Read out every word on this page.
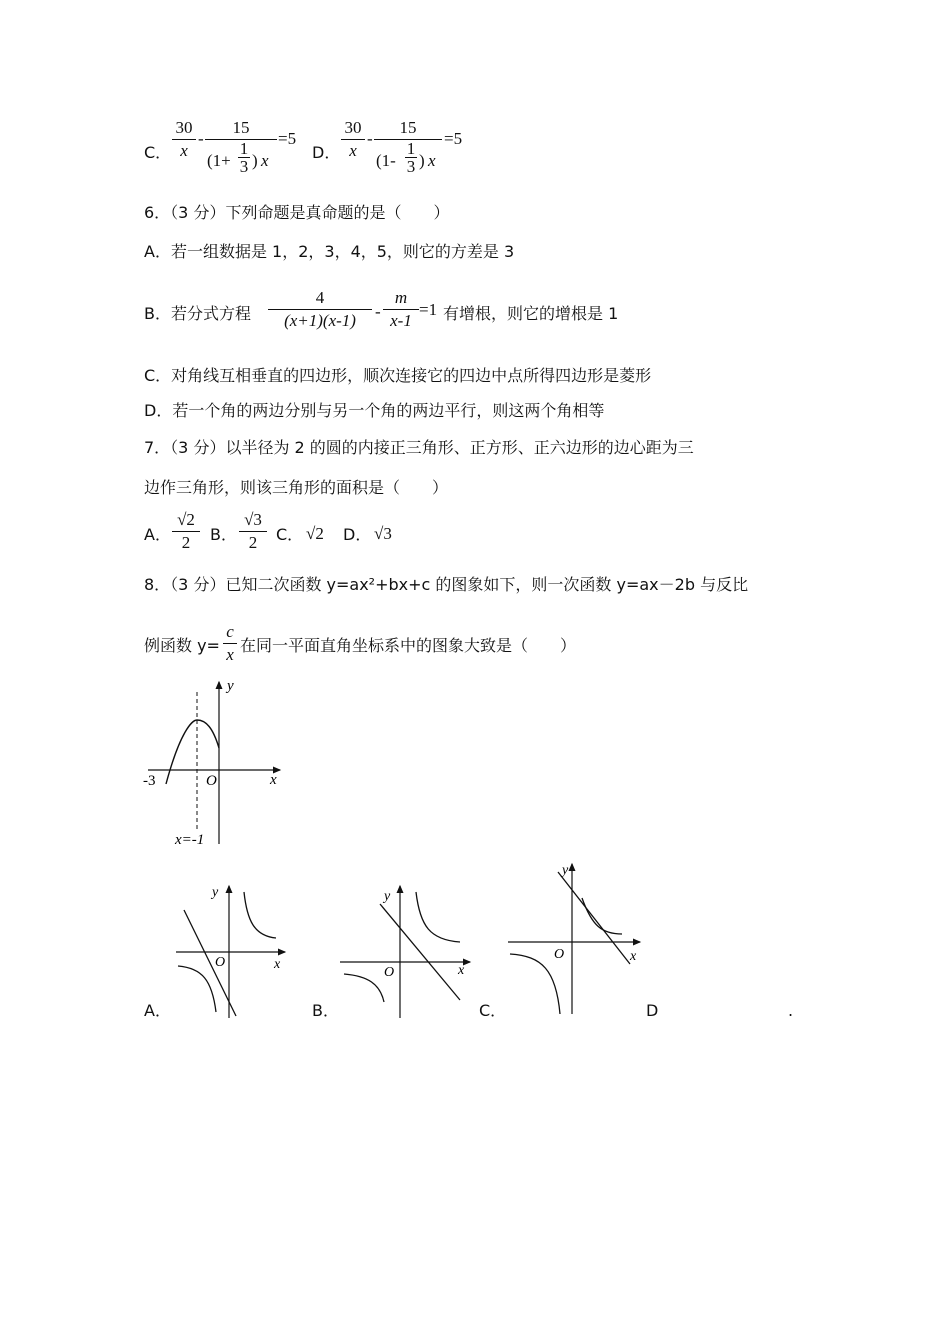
C．
30
x
-
15
(1+
1
3 ) x
=5
D．
30
x
-
15
(1-
1
3 ) x
=5
6．（3 分）下列命题是真命题的是（　　）
A．若一组数据是 1，2，3，4，5，则它的方差是 3
B．若分式方程
4
(x+1)(x-1)	-
m
x-1
=1 有增根，则它的增根是 1
C．对角线互相垂直的四边形，顺次连接它的四边中点所得四边形是菱形
D．若一个角的两边分别与另一个角的两边平行，则这两个角相等
7．（3 分）以半径为 2 的圆的内接正三角形、正方形、正六边形的边心距为三
边作三角形，则该三角形的面积是（　　）
A．
√2
2	B．
√3
2	C． √2 D． √3
8．（3 分）已知二次函数 y=ax²+bx+c 的图象如下，则一次函数 y=ax－2b 与反比
例函数 y=
c
x 在同一平面直角坐标系中的图象大致是（　　）
y
x
O
-3
x=-1
y
x
O
y
x
O
y
x
O
A．	B．	C．	D	.
